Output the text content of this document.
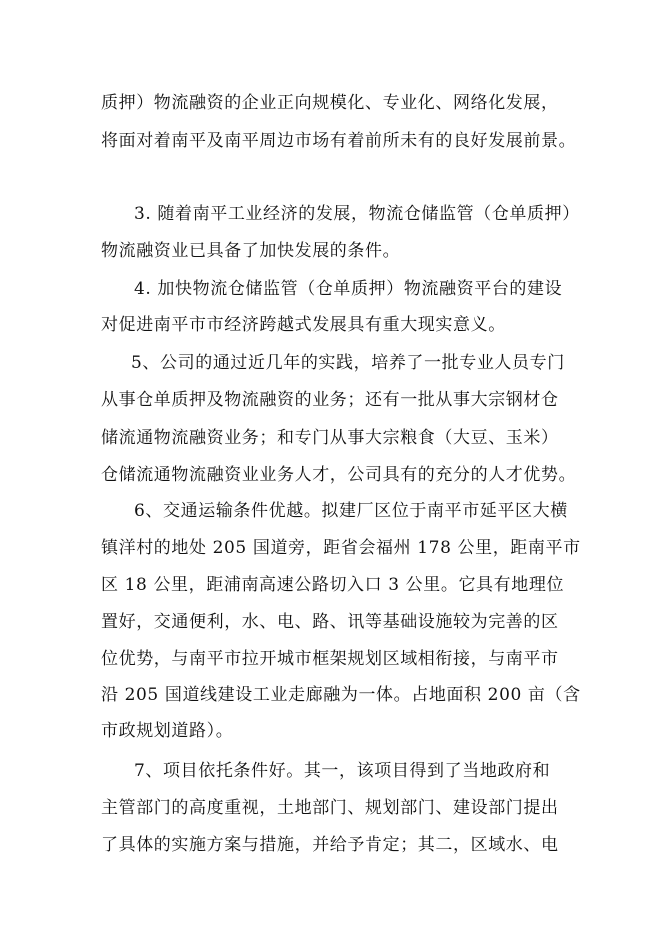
质押）物流融资的企业正向规模化、专业化、网络化发展，
将面对着南平及南平周边市场有着前所未有的良好发展前景。
3. 随着南平工业经济的发展，物流仓储监管（仓单质押）
物流融资业已具备了加快发展的条件。
4. 加快物流仓储监管（仓单质押）物流融资平台的建设
对促进南平市市经济跨越式发展具有重大现实意义。
5、公司的通过近几年的实践，培养了一批专业人员专门
从事仓单质押及物流融资的业务；还有一批从事大宗钢材仓
储流通物流融资业务；和专门从事大宗粮食（大豆、玉米）
仓储流通物流融资业业务人才，公司具有的充分的人才优势。
6、交通运输条件优越。拟建厂区位于南平市延平区大横
镇洋村的地处 205 国道旁，距省会福州 178 公里，距南平市
区 18 公里，距浦南高速公路切入口 3 公里。它具有地理位
置好，交通便利，水、电、路、讯等基础设施较为完善的区
位优势，与南平市拉开城市框架规划区域相衔接，与南平市
沿 205 国道线建设工业走廊融为一体。占地面积 200 亩（含
市政规划道路）。
7、项目依托条件好。其一，该项目得到了当地政府和
主管部门的高度重视，土地部门、规划部门、建设部门提出
了具体的实施方案与措施，并给予肯定；其二，区域水、电
